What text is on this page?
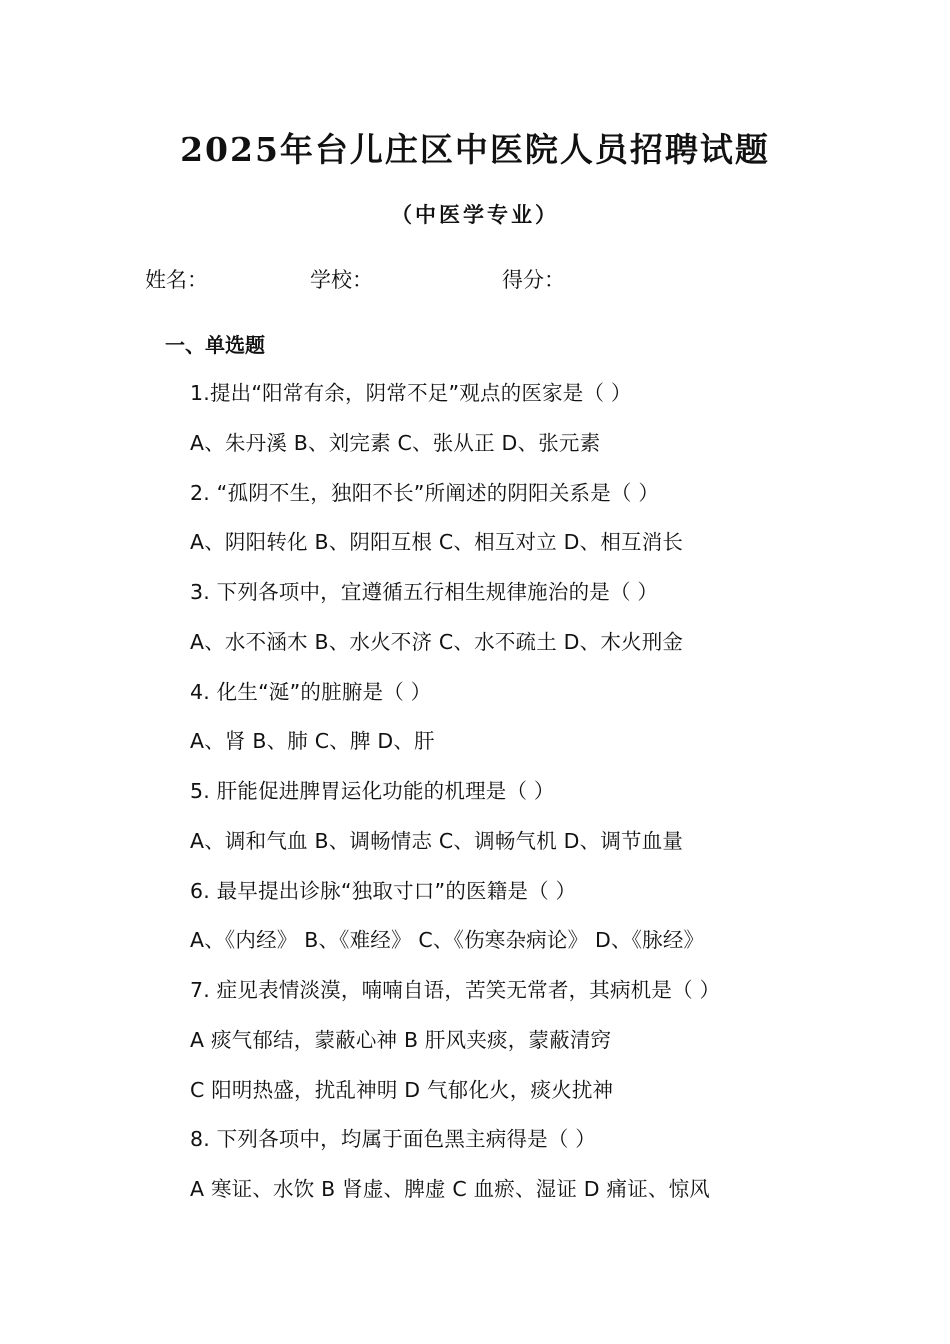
2025年台儿庄区中医院人员招聘试题
（中医学专业）
姓名：	学校：	得分：
一、单选题
1.提出“阳常有余，阴常不足”观点的医家是（ ）
A、朱丹溪 B、刘完素 C、张从正 D、张元素
2. “孤阴不生，独阳不长”所阐述的阴阳关系是（ ）
A、阴阳转化 B、阴阳互根 C、相互对立 D、相互消长
3. 下列各项中，宜遵循五行相生规律施治的是（ ）
A、水不涵木 B、水火不济 C、水不疏土 D、木火刑金
4. 化生“涎”的脏腑是（ ）
A、肾 B、肺 C、脾 D、肝
5. 肝能促进脾胃运化功能的机理是（ ）
A、调和气血 B、调畅情志 C、调畅气机 D、调节血量
6. 最早提出诊脉“独取寸口”的医籍是（ ）
A、《内经》 B、《难经》 C、《伤寒杂病论》 D、《脉经》
7. 症见表情淡漠，喃喃自语，苦笑无常者，其病机是（ ）
A 痰气郁结，蒙蔽心神 B 肝风夹痰，蒙蔽清窍
C 阳明热盛，扰乱神明 D 气郁化火，痰火扰神
8. 下列各项中，均属于面色黑主病得是（ ）
A 寒证、水饮 B 肾虚、脾虚 C 血瘀、湿证 D 痛证、惊风
